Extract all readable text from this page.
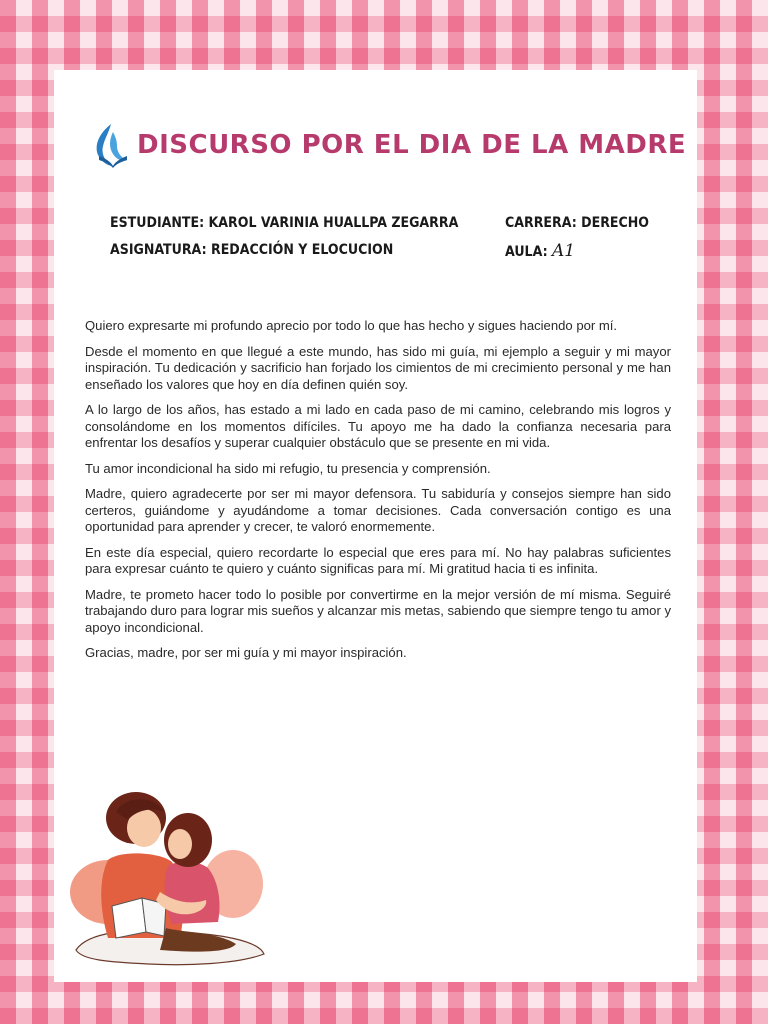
DISCURSO POR EL DIA DE LA MADRE
ESTUDIANTE: KAROL VARINIA HUALLPA ZEGARRA	CARRERA: DERECHO
ASIGNATURA: REDACCIÓN Y ELOCUCION	AULA: A1

Quiero expresarte mi profundo aprecio por todo lo que has hecho y sigues haciendo por mí.

Desde el momento en que llegué a este mundo, has sido mi guía, mi ejemplo a seguir y mi mayor inspiración. Tu dedicación y sacrificio han forjado los cimientos de mi crecimiento personal y me han enseñado los valores que hoy en día definen quién soy.

A lo largo de los años, has estado a mi lado en cada paso de mi camino, celebrando mis logros y consolándome en los momentos difíciles. Tu apoyo me ha dado la confianza necesaria para enfrentar los desafíos y superar cualquier obstáculo que se presente en mi vida.

Tu amor incondicional ha sido mi refugio, tu presencia y comprensión.

Madre, quiero agradecerte por ser mi mayor defensora. Tu sabiduría y consejos siempre han sido certeros, guiándome y ayudándome a tomar decisiones. Cada conversación contigo es una oportunidad para aprender y crecer, te valoró enormemente.

En este día especial, quiero recordarte lo especial que eres para mí. No hay palabras suficientes para expresar cuánto te quiero y cuánto significas para mí. Mi gratitud hacia ti es infinita.

Madre, te prometo hacer todo lo posible por convertirme en la mejor versión de mí misma. Seguiré trabajando duro para lograr mis sueños y alcanzar mis metas, sabiendo que siempre tengo tu amor y apoyo incondicional.

Gracias, madre, por ser mi guía y mi mayor inspiración.
